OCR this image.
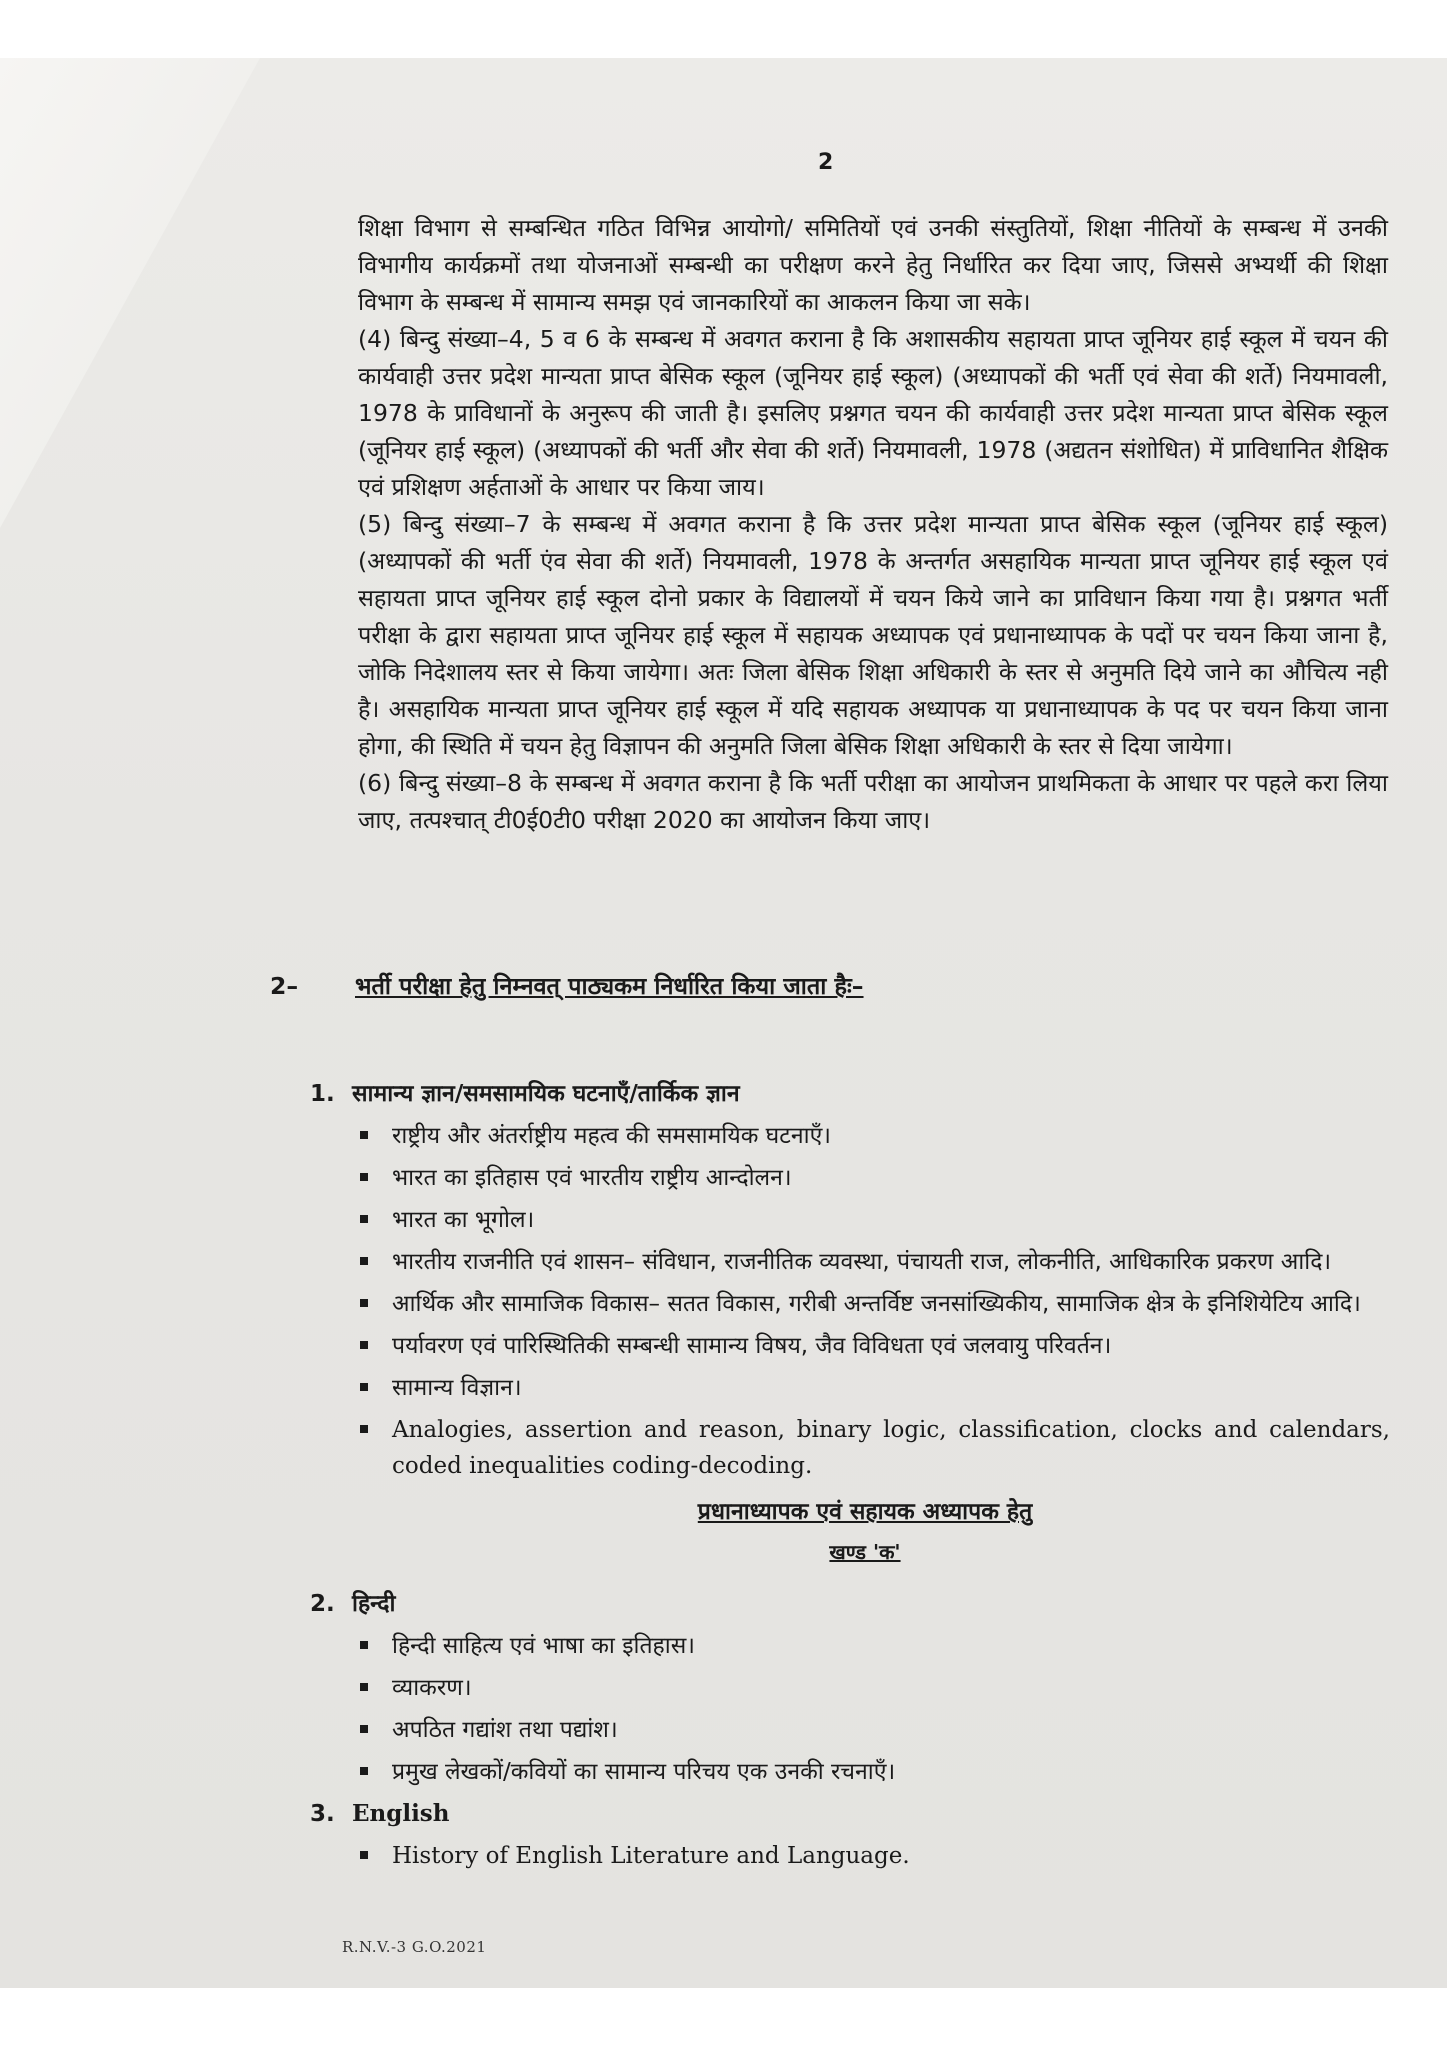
2

शिक्षा विभाग से सम्बन्धित गठित विभिन्न आयोगो/ समितियों एवं उनकी संस्तुतियों, शिक्षा नीतियों के सम्बन्ध में उनकी विभागीय कार्यक्रमों तथा योजनाओं सम्बन्धी का परीक्षण करने हेतु निर्धारित कर दिया जाए, जिससे अभ्यर्थी की शिक्षा विभाग के सम्बन्ध में सामान्य समझ एवं जानकारियों का आकलन किया जा सके।

(4) बिन्दु संख्या–4, 5 व 6 के सम्बन्ध में अवगत कराना है कि अशासकीय सहायता प्राप्त जूनियर हाई स्कूल में चयन की कार्यवाही उत्तर प्रदेश मान्यता प्राप्त बेसिक स्कूल (जूनियर हाई स्कूल) (अध्यापकों की भर्ती एवं सेवा की शर्ते) नियमावली, 1978 के प्राविधानों के अनुरूप की जाती है। इसलिए प्रश्नगत चयन की कार्यवाही उत्तर प्रदेश मान्यता प्राप्त बेसिक स्कूल (जूनियर हाई स्कूल) (अध्यापकों की भर्ती और सेवा की शर्ते) नियमावली, 1978 (अद्यतन संशोधित) में प्राविधानित शैक्षिक एवं प्रशिक्षण अर्हताओं के आधार पर किया जाय।

(5) बिन्दु संख्या–7 के सम्बन्ध में अवगत कराना है कि उत्तर प्रदेश मान्यता प्राप्त बेसिक स्कूल (जूनियर हाई स्कूल) (अध्यापकों की भर्ती एंव सेवा की शर्ते) नियमावली, 1978 के अन्तर्गत असहायिक मान्यता प्राप्त जूनियर हाई स्कूल एवं सहायता प्राप्त जूनियर हाई स्कूल दोनो प्रकार के विद्यालयों में चयन किये जाने का प्राविधान किया गया है। प्रश्नगत भर्ती परीक्षा के द्वारा सहायता प्राप्त जूनियर हाई स्कूल में सहायक अध्यापक एवं प्रधानाध्यापक के पदों पर चयन किया जाना है, जोकि निदेशालय स्तर से किया जायेगा। अतः जिला बेसिक शिक्षा अधिकारी के स्तर से अनुमति दिये जाने का औचित्य नही है। असहायिक मान्यता प्राप्त जूनियर हाई स्कूल में यदि सहायक अध्यापक या प्रधानाध्यापक के पद पर चयन किया जाना होगा, की स्थिति में चयन हेतु विज्ञापन की अनुमति जिला बेसिक शिक्षा अधिकारी के स्तर से दिया जायेगा।

(6) बिन्दु संख्या–8 के सम्बन्ध में अवगत कराना है कि भर्ती परीक्षा का आयोजन प्राथमिकता के आधार पर पहले करा लिया जाए, तत्पश्चात् टी0ई0टी0 परीक्षा 2020 का आयोजन किया जाए।

2– भर्ती परीक्षा हेतु निम्नवत् पाठ्यकम निर्धारित किया जाता हैः–
1. सामान्य ज्ञान/समसामयिक घटनाएँ/तार्किक ज्ञान
राष्ट्रीय और अंतर्राष्ट्रीय महत्व की समसामयिक घटनाएँ।
भारत का इतिहास एवं भारतीय राष्ट्रीय आन्दोलन।
भारत का भूगोल।
भारतीय राजनीति एवं शासन– संविधान, राजनीतिक व्यवस्था, पंचायती राज, लोकनीति, आधिकारिक प्रकरण आदि।
आर्थिक और सामाजिक विकास– सतत विकास, गरीबी अन्तर्विष्ट जनसांख्यिकीय, सामाजिक क्षेत्र के इनिशियेटिय आदि।
पर्यावरण एवं पारिस्थितिकी सम्बन्धी सामान्य विषय, जैव विविधता एवं जलवायु परिवर्तन।
सामान्य विज्ञान।
Analogies, assertion and reason, binary logic, classification, clocks and calendars, coded inequalities coding-decoding.
प्रधानाध्यापक एवं सहायक अध्यापक हेतु
खण्ड 'क'
2. हिन्दी
हिन्दी साहित्य एवं भाषा का इतिहास।
व्याकरण।
अपठित गद्यांश तथा पद्यांश।
प्रमुख लेखकों/कवियों का सामान्य परिचय एक उनकी रचनाएँ।
3. English
History of English Literature and Language.
R.N.V.-3 G.O.2021
